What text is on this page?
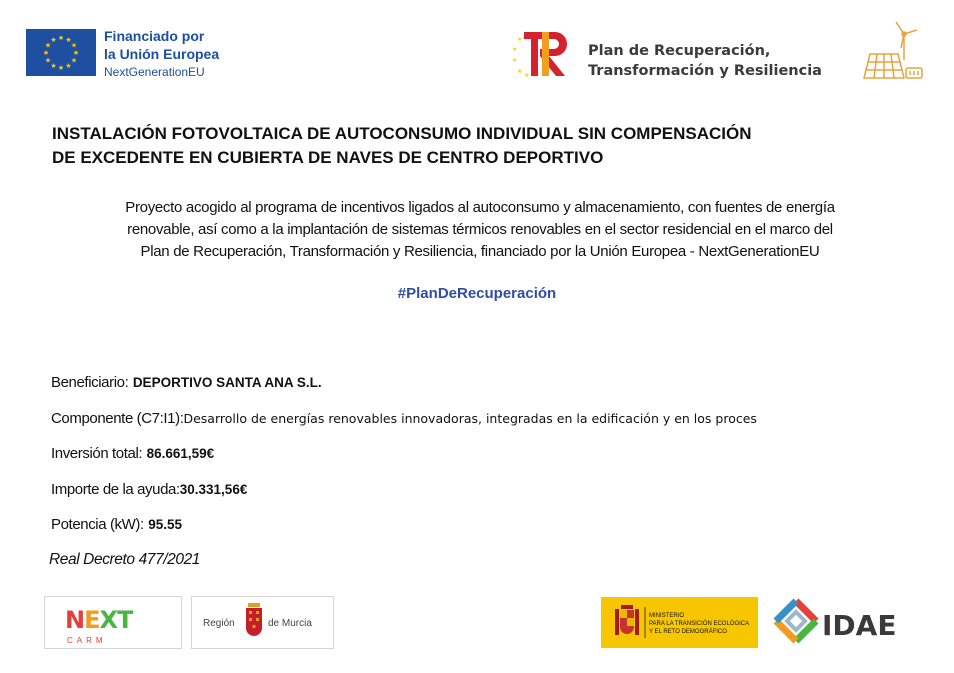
★ ★
★
★
★
★
★
★
★
★
★
★	Financiado por
la Unión Europea
NextGenerationEU
★
★
★
★
★
Plan de Recuperación,
Transformación y Resiliencia
INSTALACIÓN FOTOVOLTAICA DE AUTOCONSUMO INDIVIDUAL SIN COMPENSACIÓN
DE EXCEDENTE EN CUBIERTA DE NAVES DE CENTRO DEPORTIVO
Proyecto acogido al programa de incentivos ligados al autoconsumo y almacenamiento, con fuentes de energía
renovable, así como a la implantación de sistemas térmicos renovables en el sector residencial en el marco del
Plan de Recuperación, Transformación y Resiliencia, financiado por la Unión Europea - NextGenerationEU
#PlanDeRecuperación
Beneficiario: DEPORTIVO SANTA ANA S.L.
Componente (C7:I1):Desarrollo de energías renovables innovadoras, integradas en la edificación y en los proces
Inversión total: 86.661,59€
Importe de la ayuda:30.331,56€
Potencia (kW): 95.55
Real Decreto 477/2021
NEXT
CARM
Región	de Murcia
MINISTERIO
PARA LA TRANSICIÓN ECOLÓGICA
Y EL RETO DEMOGRÁFICO	IDAE
